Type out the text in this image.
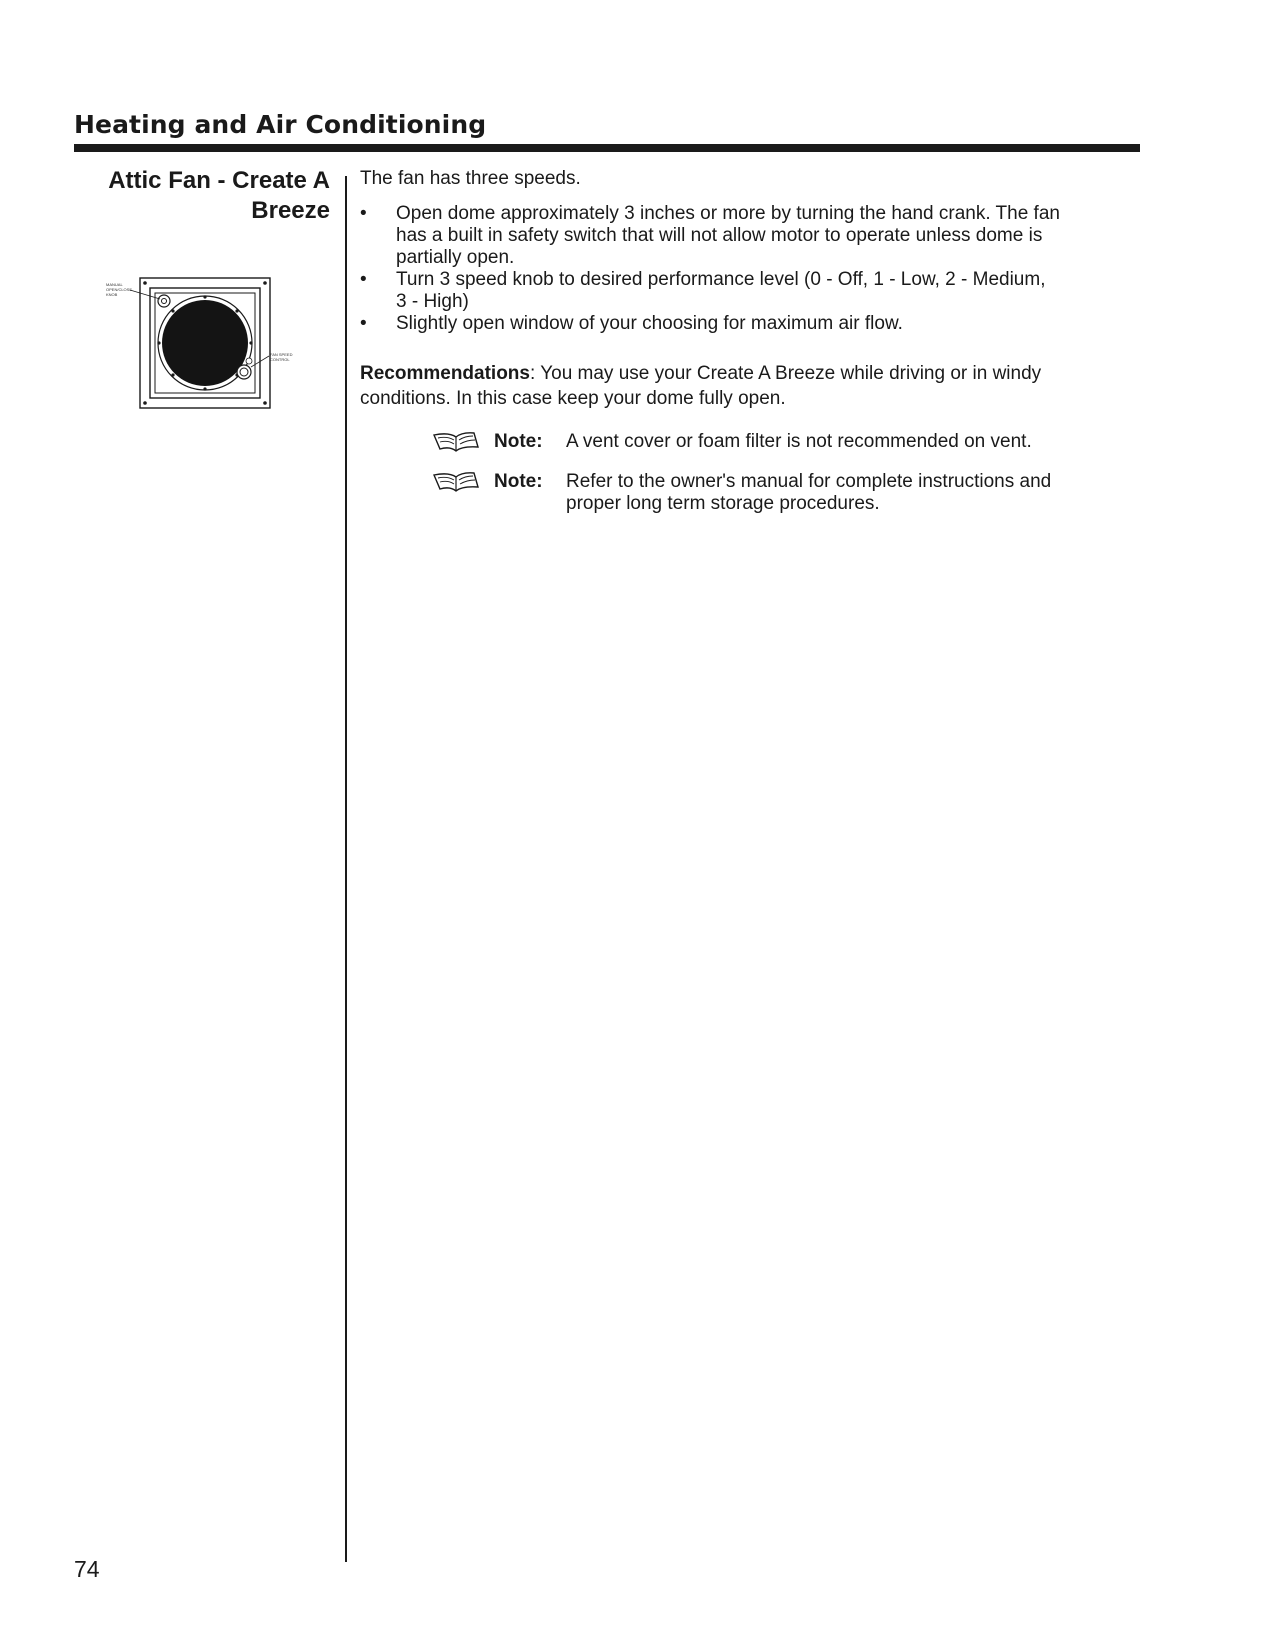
Heating and Air Conditioning
Attic Fan - Create A
Breeze
MANUAL
OPEN/CLOSE
KNOB
FAN SPEED
CONTROL

The fan has three speeds.

• Open dome approximately 3 inches or more by turning the hand crank. The fan
has a built in safety switch that will not allow motor to operate unless dome is
partially open.
• Turn 3 speed knob to desired performance level (0 - Off, 1 - Low, 2 - Medium,
3 - High)
• Slightly open window of your choosing for maximum air flow.

Recommendations: You may use your Create A Breeze while driving or in windy
conditions. In this case keep your dome fully open.

Note: A vent cover or foam filter is not recommended on vent.
Note: Refer to the owner's manual for complete instructions and
proper long term storage procedures.
74
